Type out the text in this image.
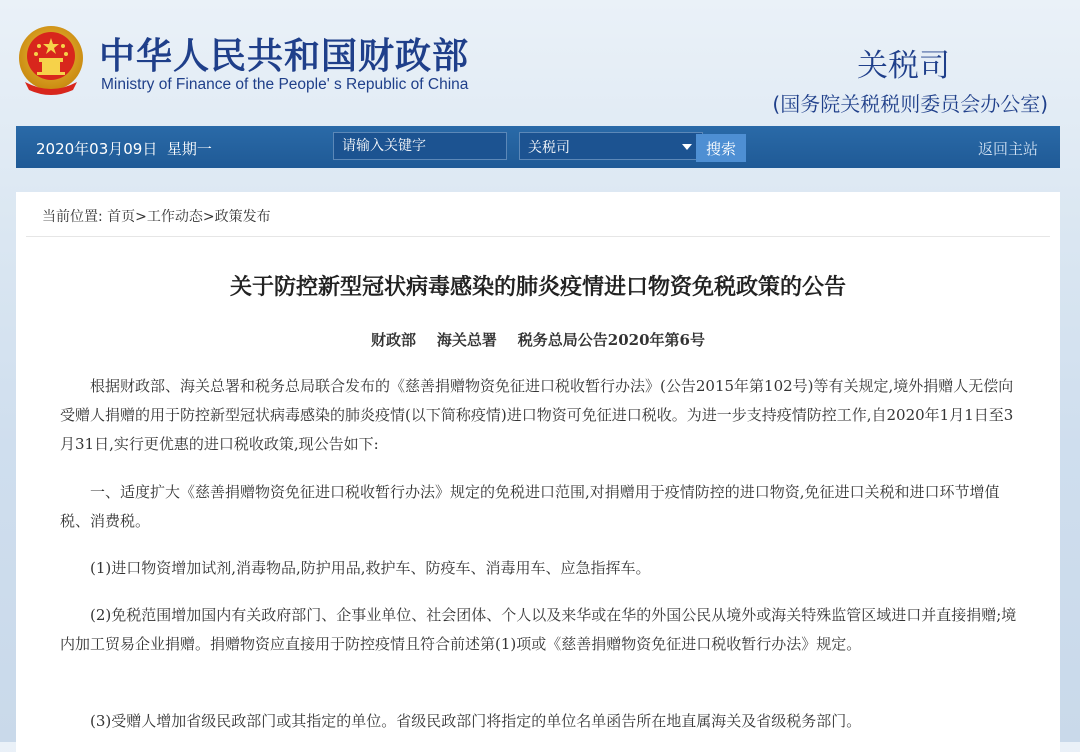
中华人民共和国财政部
Ministry of Finance of the People' s Republic of China
关税司
(国务院关税税则委员会办公室)
2020年03月09日 星期一
请输入关键字	关税司	搜索	返回主站
当前位置: 首页>工作动态>政策发布
关于防控新型冠状病毒感染的肺炎疫情进口物资免税政策的公告
财政部    海关总署    税务总局公告2020年第6号

根据财政部、海关总署和税务总局联合发布的《慈善捐赠物资免征进口税收暂行办法》(公告2015年第102号)等有关规定,境外捐赠人无偿向受赠人捐赠的用于防控新型冠状病毒感染的肺炎疫情(以下简称疫情)进口物资可免征进口税收。为进一步支持疫情防控工作,自2020年1月1日至3月31日,实行更优惠的进口税收政策,现公告如下:

一、适度扩大《慈善捐赠物资免征进口税收暂行办法》规定的免税进口范围,对捐赠用于疫情防控的进口物资,免征进口关税和进口环节增值税、消费税。

(1)进口物资增加试剂,消毒物品,防护用品,救护车、防疫车、消毒用车、应急指挥车。

(2)免税范围增加国内有关政府部门、企事业单位、社会团体、个人以及来华或在华的外国公民从境外或海关特殊监管区域进口并直接捐赠;境内加工贸易企业捐赠。捐赠物资应直接用于防控疫情且符合前述第(1)项或《慈善捐赠物资免征进口税收暂行办法》规定。

(3)受赠人增加省级民政部门或其指定的单位。省级民政部门将指定的单位名单函告所在地直属海关及省级税务部门。
